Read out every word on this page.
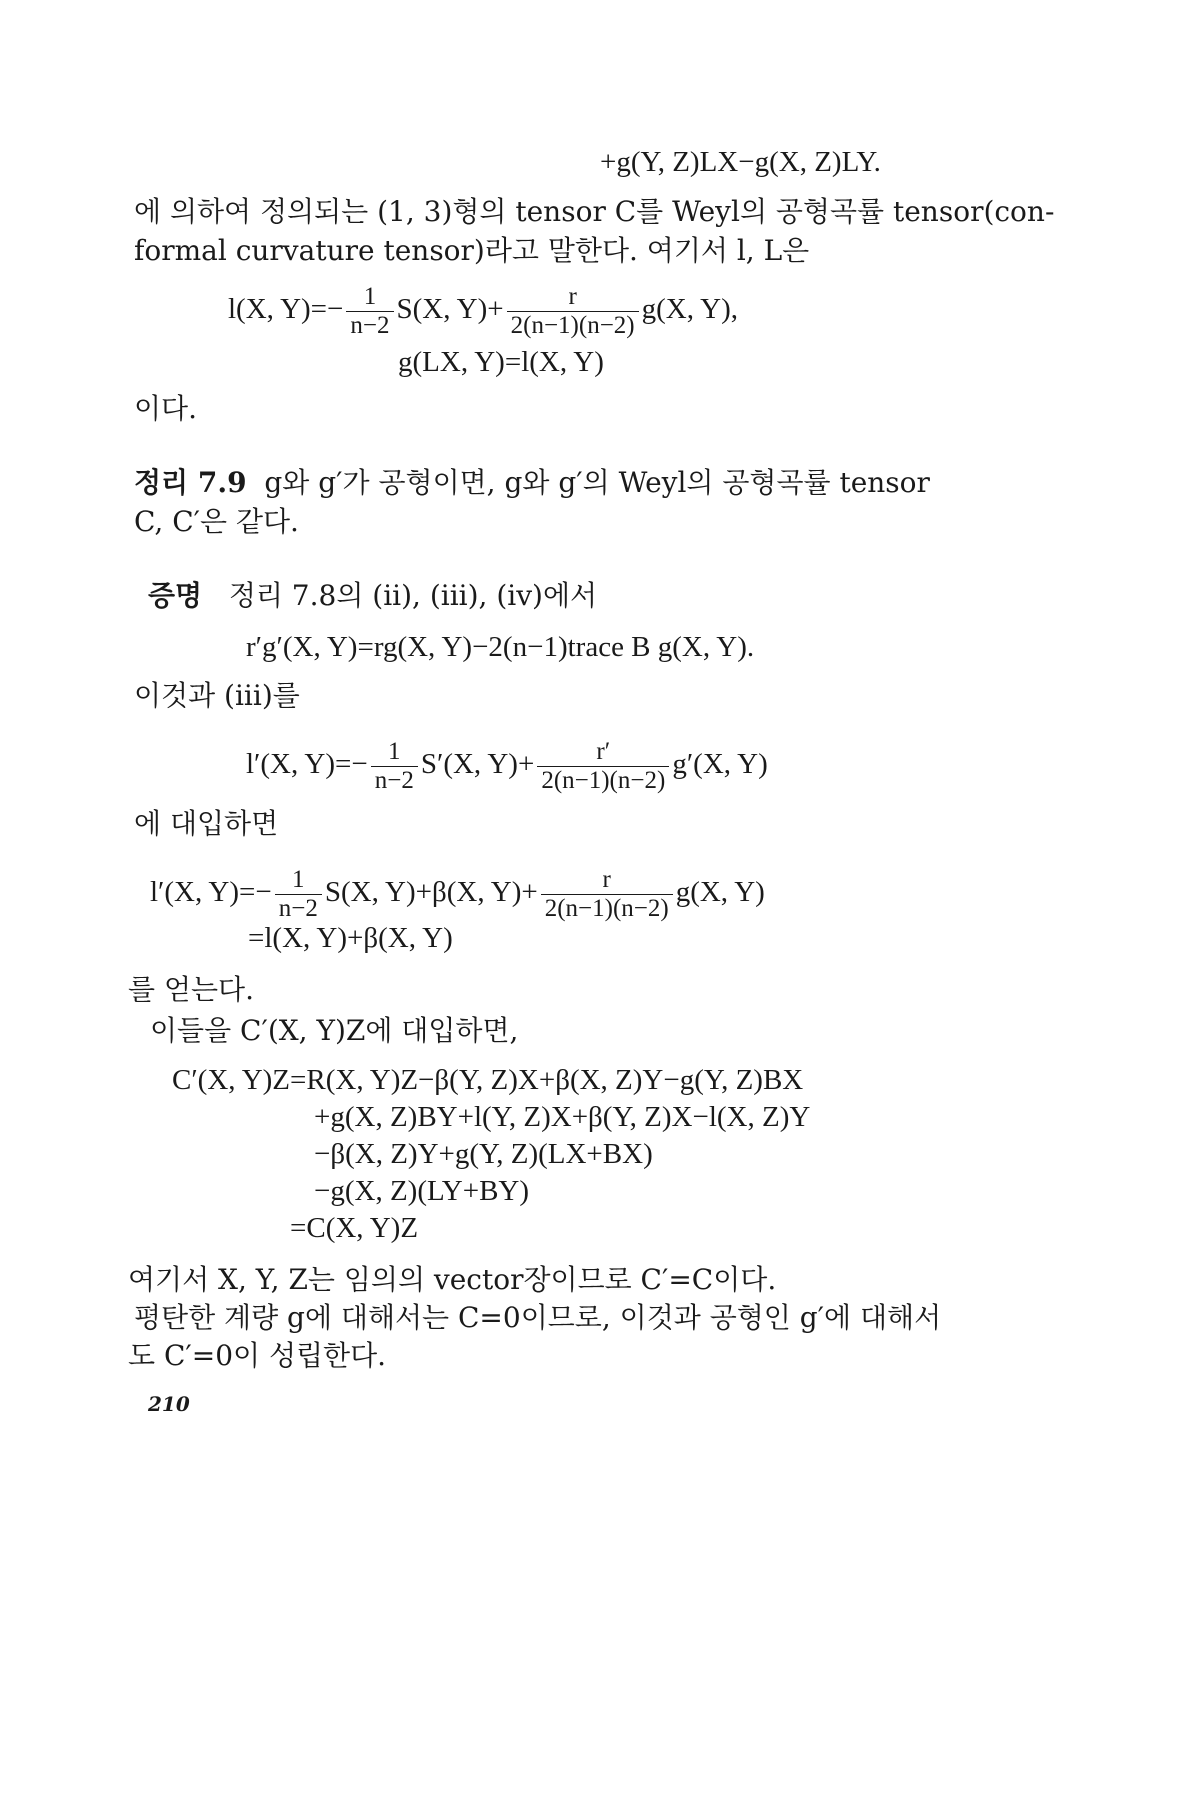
+g(Y, Z)LX−g(X, Z)LY.
에 의하여 정의되는 (1, 3)형의 tensor C를 Weyl의 공형곡률 tensor(con-
formal curvature tensor)라고 말한다. 여기서 l, L은
l(X, $Y)=- \frac{1}{n-2} S(X$, $Y)+ \frac{r}{2(n-1)(n-2)} g(X$, Y),
g(LX, Y)=l(X, Y)
이다.
정리 7.9 g와 g′가 공형이면, g와 g′의 Weyl의 공형곡률 tensor
C, C′은 같다.
증명 정리 7.8의 (ii), (iii), (iv)에서
r′g′(X, Y)=rg(X, Y)−2(n−1)trace B g(X, Y).
이것과 (iii)를
l′(X, $Y)=- \frac{1}{n-2} S'(X$, $Y)+ \frac{r'}{2(n-1)(n-2)} g'(X$, Y)
에 대입하면
l′(X, $Y)=- \frac{1}{n-2} S(X$, Y)+β(X, $Y)+ \frac{r}{2(n-1)(n-2)} g(X$, Y)
=l(X, Y)+β(X, Y)
를 얻는다.
이들을 C′(X, Y)Z에 대입하면,
C′(X, Y)Z=R(X, Y)Z−β(Y, Z)X+β(X, Z)Y−g(Y, Z)BX
+g(X, Z)BY+l(Y, Z)X+β(Y, Z)X−l(X, Z)Y
−β(X, Z)Y+g(Y, Z)(LX+BX)
−g(X, Z)(LY+BY)
=C(X, Y)Z
여기서 X, Y, Z는 임의의 vector장이므로 C′=C이다.
평탄한 계량 g에 대해서는 C=0이므로, 이것과 공형인 g′에 대해서
도 C′=0이 성립한다.
210
